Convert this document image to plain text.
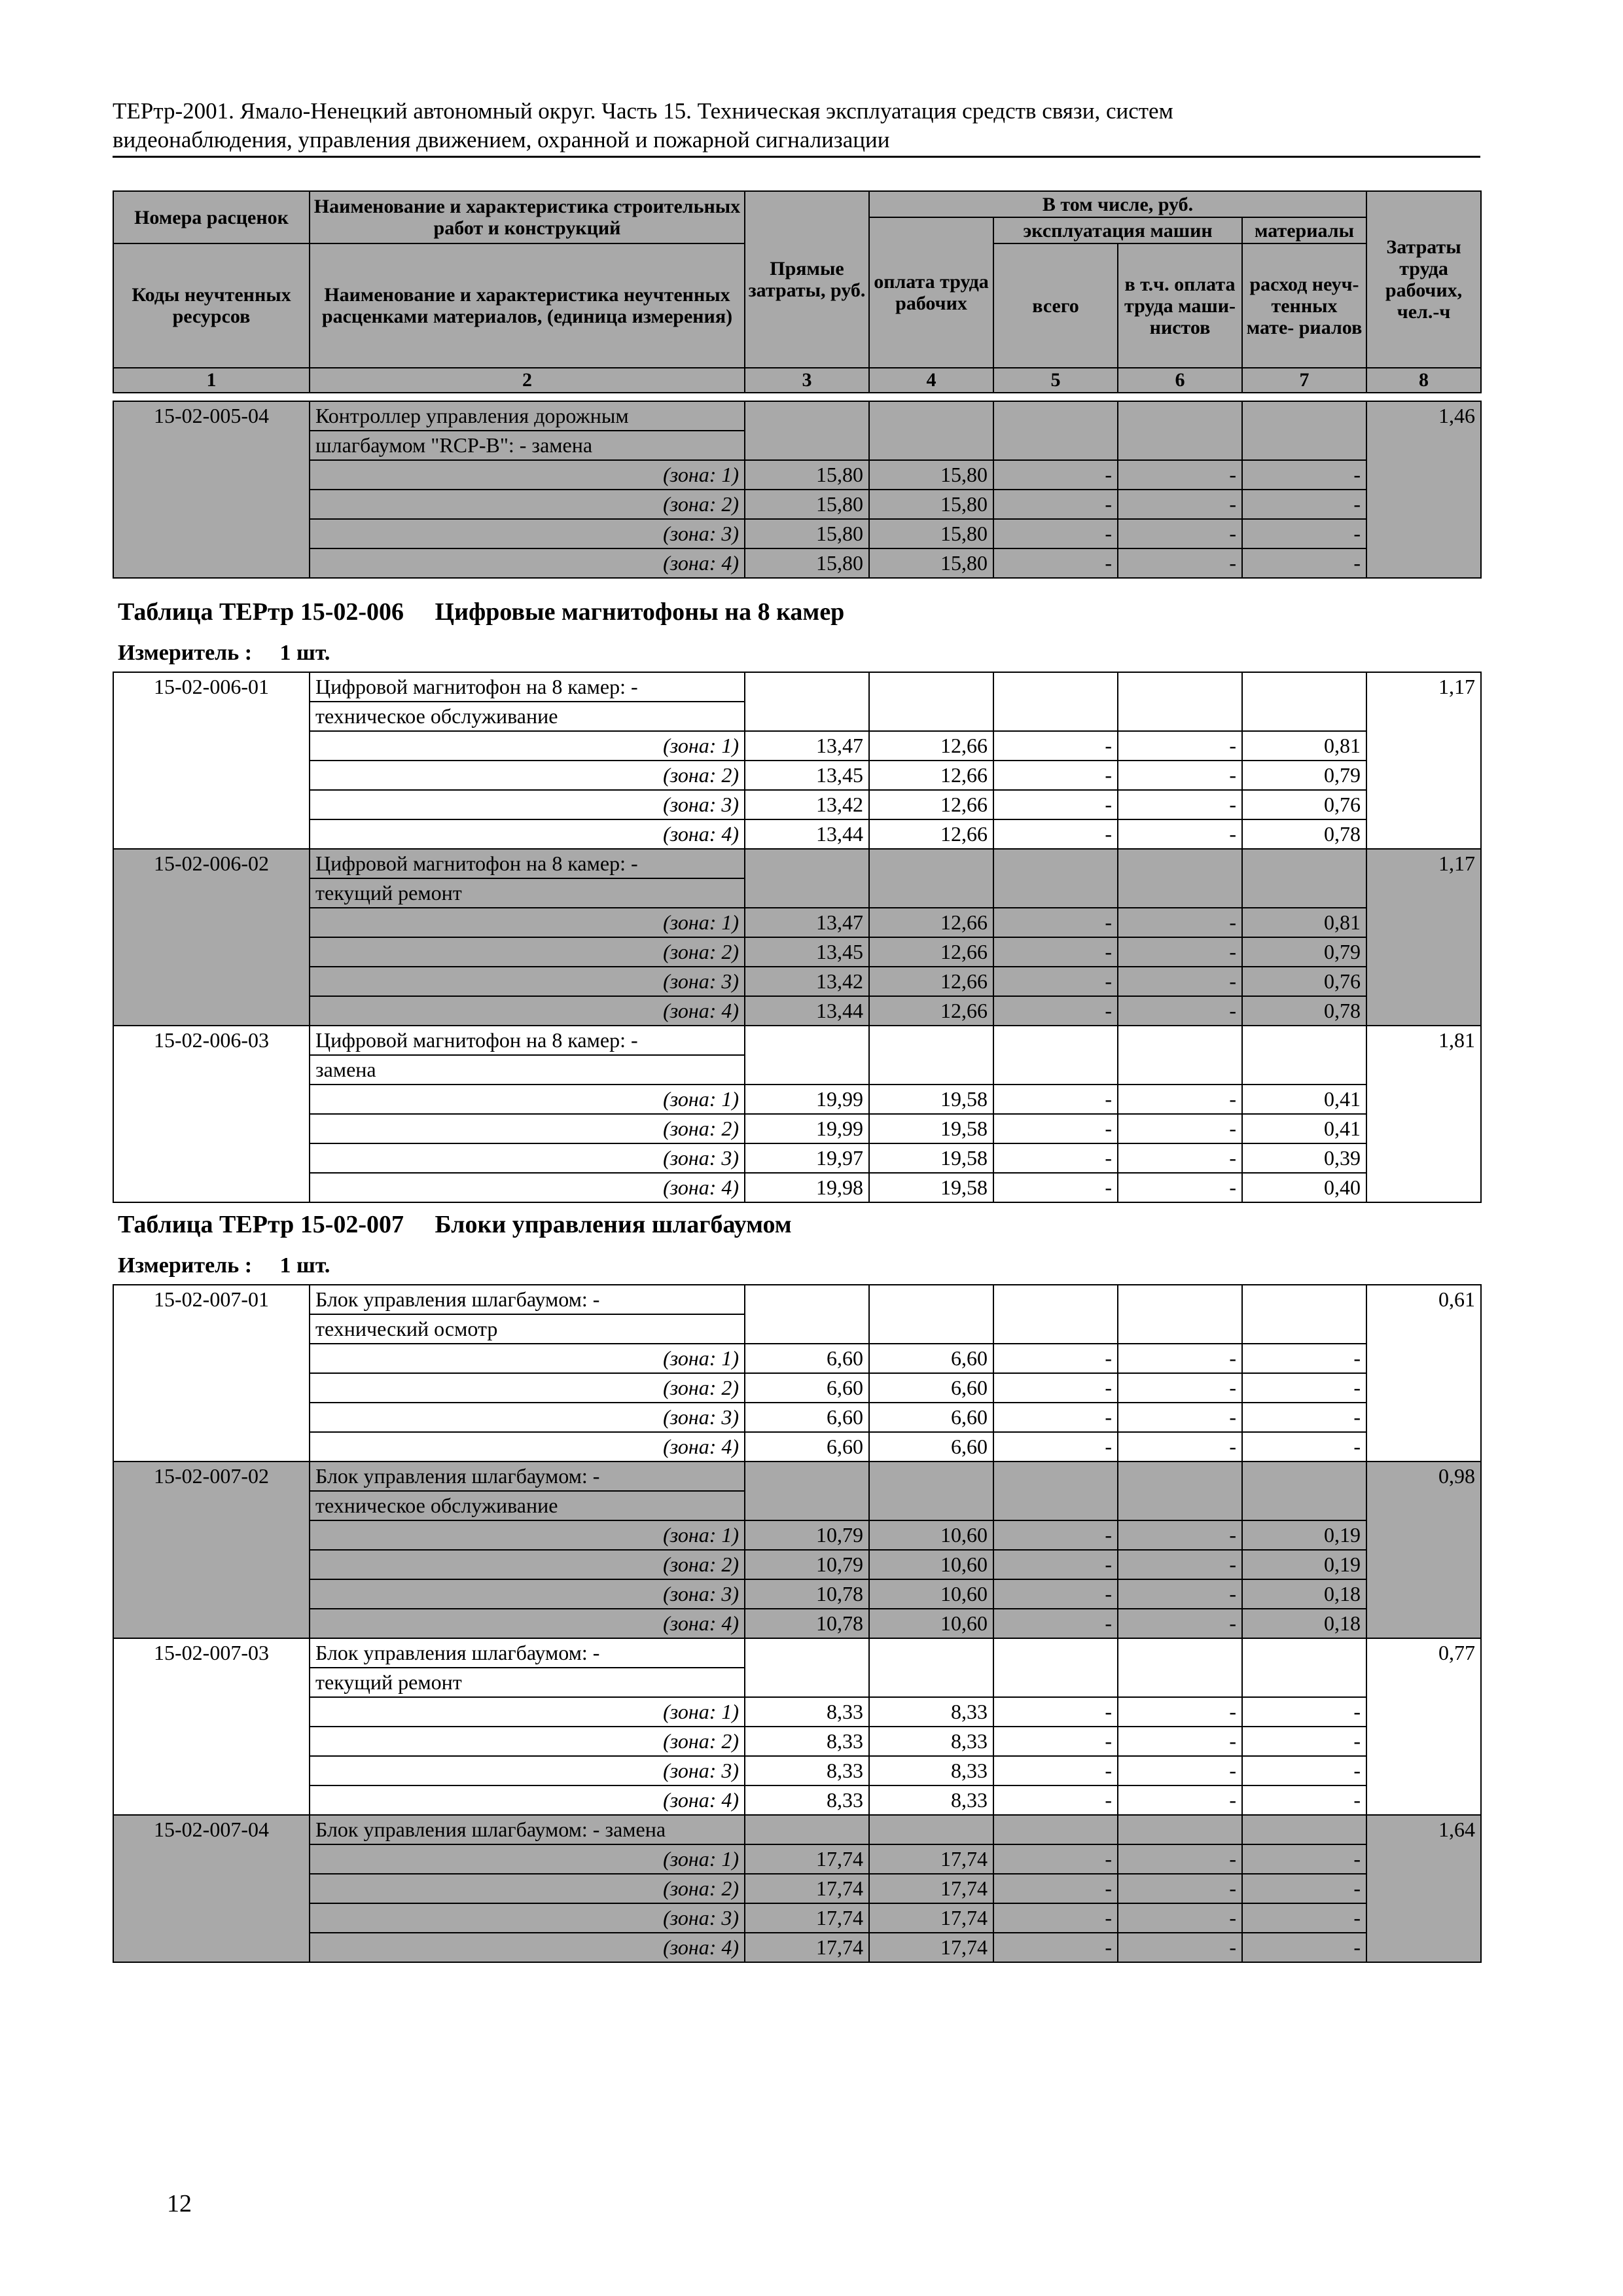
ТЕРтр-2001. Ямало-Ненецкий автономный округ. Часть 15. Техническая эксплуатация средств связи, систем
видеонаблюдения, управления движением, охранной и пожарной сигнализации
Номера расценок	Наименование и характеристика строительных работ и конструкций	Прямые затраты, руб.	В том числе, руб.				Затраты труда рабочих, чел.-ч
			оплата труда рабочих	эксплуатация машин		материалы	
Коды неучтенных ресурсов	Наименование и характеристика неучтенных расценками материалов, (единица измерения)			всего	в т.ч. оплата труда маши- нистов	расход неуч- тенных мате- риалов	

1	2	3	4	5	6	7	8
15-02-005-04	Контроллер управления дорожным						1,46
	шлагбаумом "RCP-B": - замена						
	(зона: 1)	15,80	15,80	-	-	-	
	(зона: 2)	15,80	15,80	-	-	-	
	(зона: 3)	15,80	15,80	-	-	-	
	(зона: 4)	15,80	15,80	-	-	-	
Таблица ТЕРтр 15-02-006     Цифровые магнитофоны на 8 камер
Измеритель :     1 шт.
15-02-006-01	Цифровой магнитофон на 8 камер: -						1,17
	техническое обслуживание						
	(зона: 1)	13,47	12,66	-	-	0,81	
	(зона: 2)	13,45	12,66	-	-	0,79	
	(зона: 3)	13,42	12,66	-	-	0,76	
	(зона: 4)	13,44	12,66	-	-	0,78	
15-02-006-02	Цифровой магнитофон на 8 камер: -						1,17
	текущий ремонт						
	(зона: 1)	13,47	12,66	-	-	0,81	
	(зона: 2)	13,45	12,66	-	-	0,79	
	(зона: 3)	13,42	12,66	-	-	0,76	
	(зона: 4)	13,44	12,66	-	-	0,78	
15-02-006-03	Цифровой магнитофон на 8 камер: -						1,81
	замена						
	(зона: 1)	19,99	19,58	-	-	0,41	
	(зона: 2)	19,99	19,58	-	-	0,41	
	(зона: 3)	19,97	19,58	-	-	0,39	
	(зона: 4)	19,98	19,58	-	-	0,40	
Таблица ТЕРтр 15-02-007     Блоки управления шлагбаумом
Измеритель :     1 шт.
15-02-007-01	Блок управления шлагбаумом: -						0,61
	технический осмотр						
	(зона: 1)	6,60	6,60	-	-	-	
	(зона: 2)	6,60	6,60	-	-	-	
	(зона: 3)	6,60	6,60	-	-	-	
	(зона: 4)	6,60	6,60	-	-	-	
15-02-007-02	Блок управления шлагбаумом: -						0,98
	техническое обслуживание						
	(зона: 1)	10,79	10,60	-	-	0,19	
	(зона: 2)	10,79	10,60	-	-	0,19	
	(зона: 3)	10,78	10,60	-	-	0,18	
	(зона: 4)	10,78	10,60	-	-	0,18	
15-02-007-03	Блок управления шлагбаумом: -						0,77
	текущий ремонт						
	(зона: 1)	8,33	8,33	-	-	-	
	(зона: 2)	8,33	8,33	-	-	-	
	(зона: 3)	8,33	8,33	-	-	-	
	(зона: 4)	8,33	8,33	-	-	-	
15-02-007-04	Блок управления шлагбаумом: - замена						1,64
	(зона: 1)	17,74	17,74	-	-	-	
	(зона: 2)	17,74	17,74	-	-	-	
	(зона: 3)	17,74	17,74	-	-	-	
	(зона: 4)	17,74	17,74	-	-	-	
12
